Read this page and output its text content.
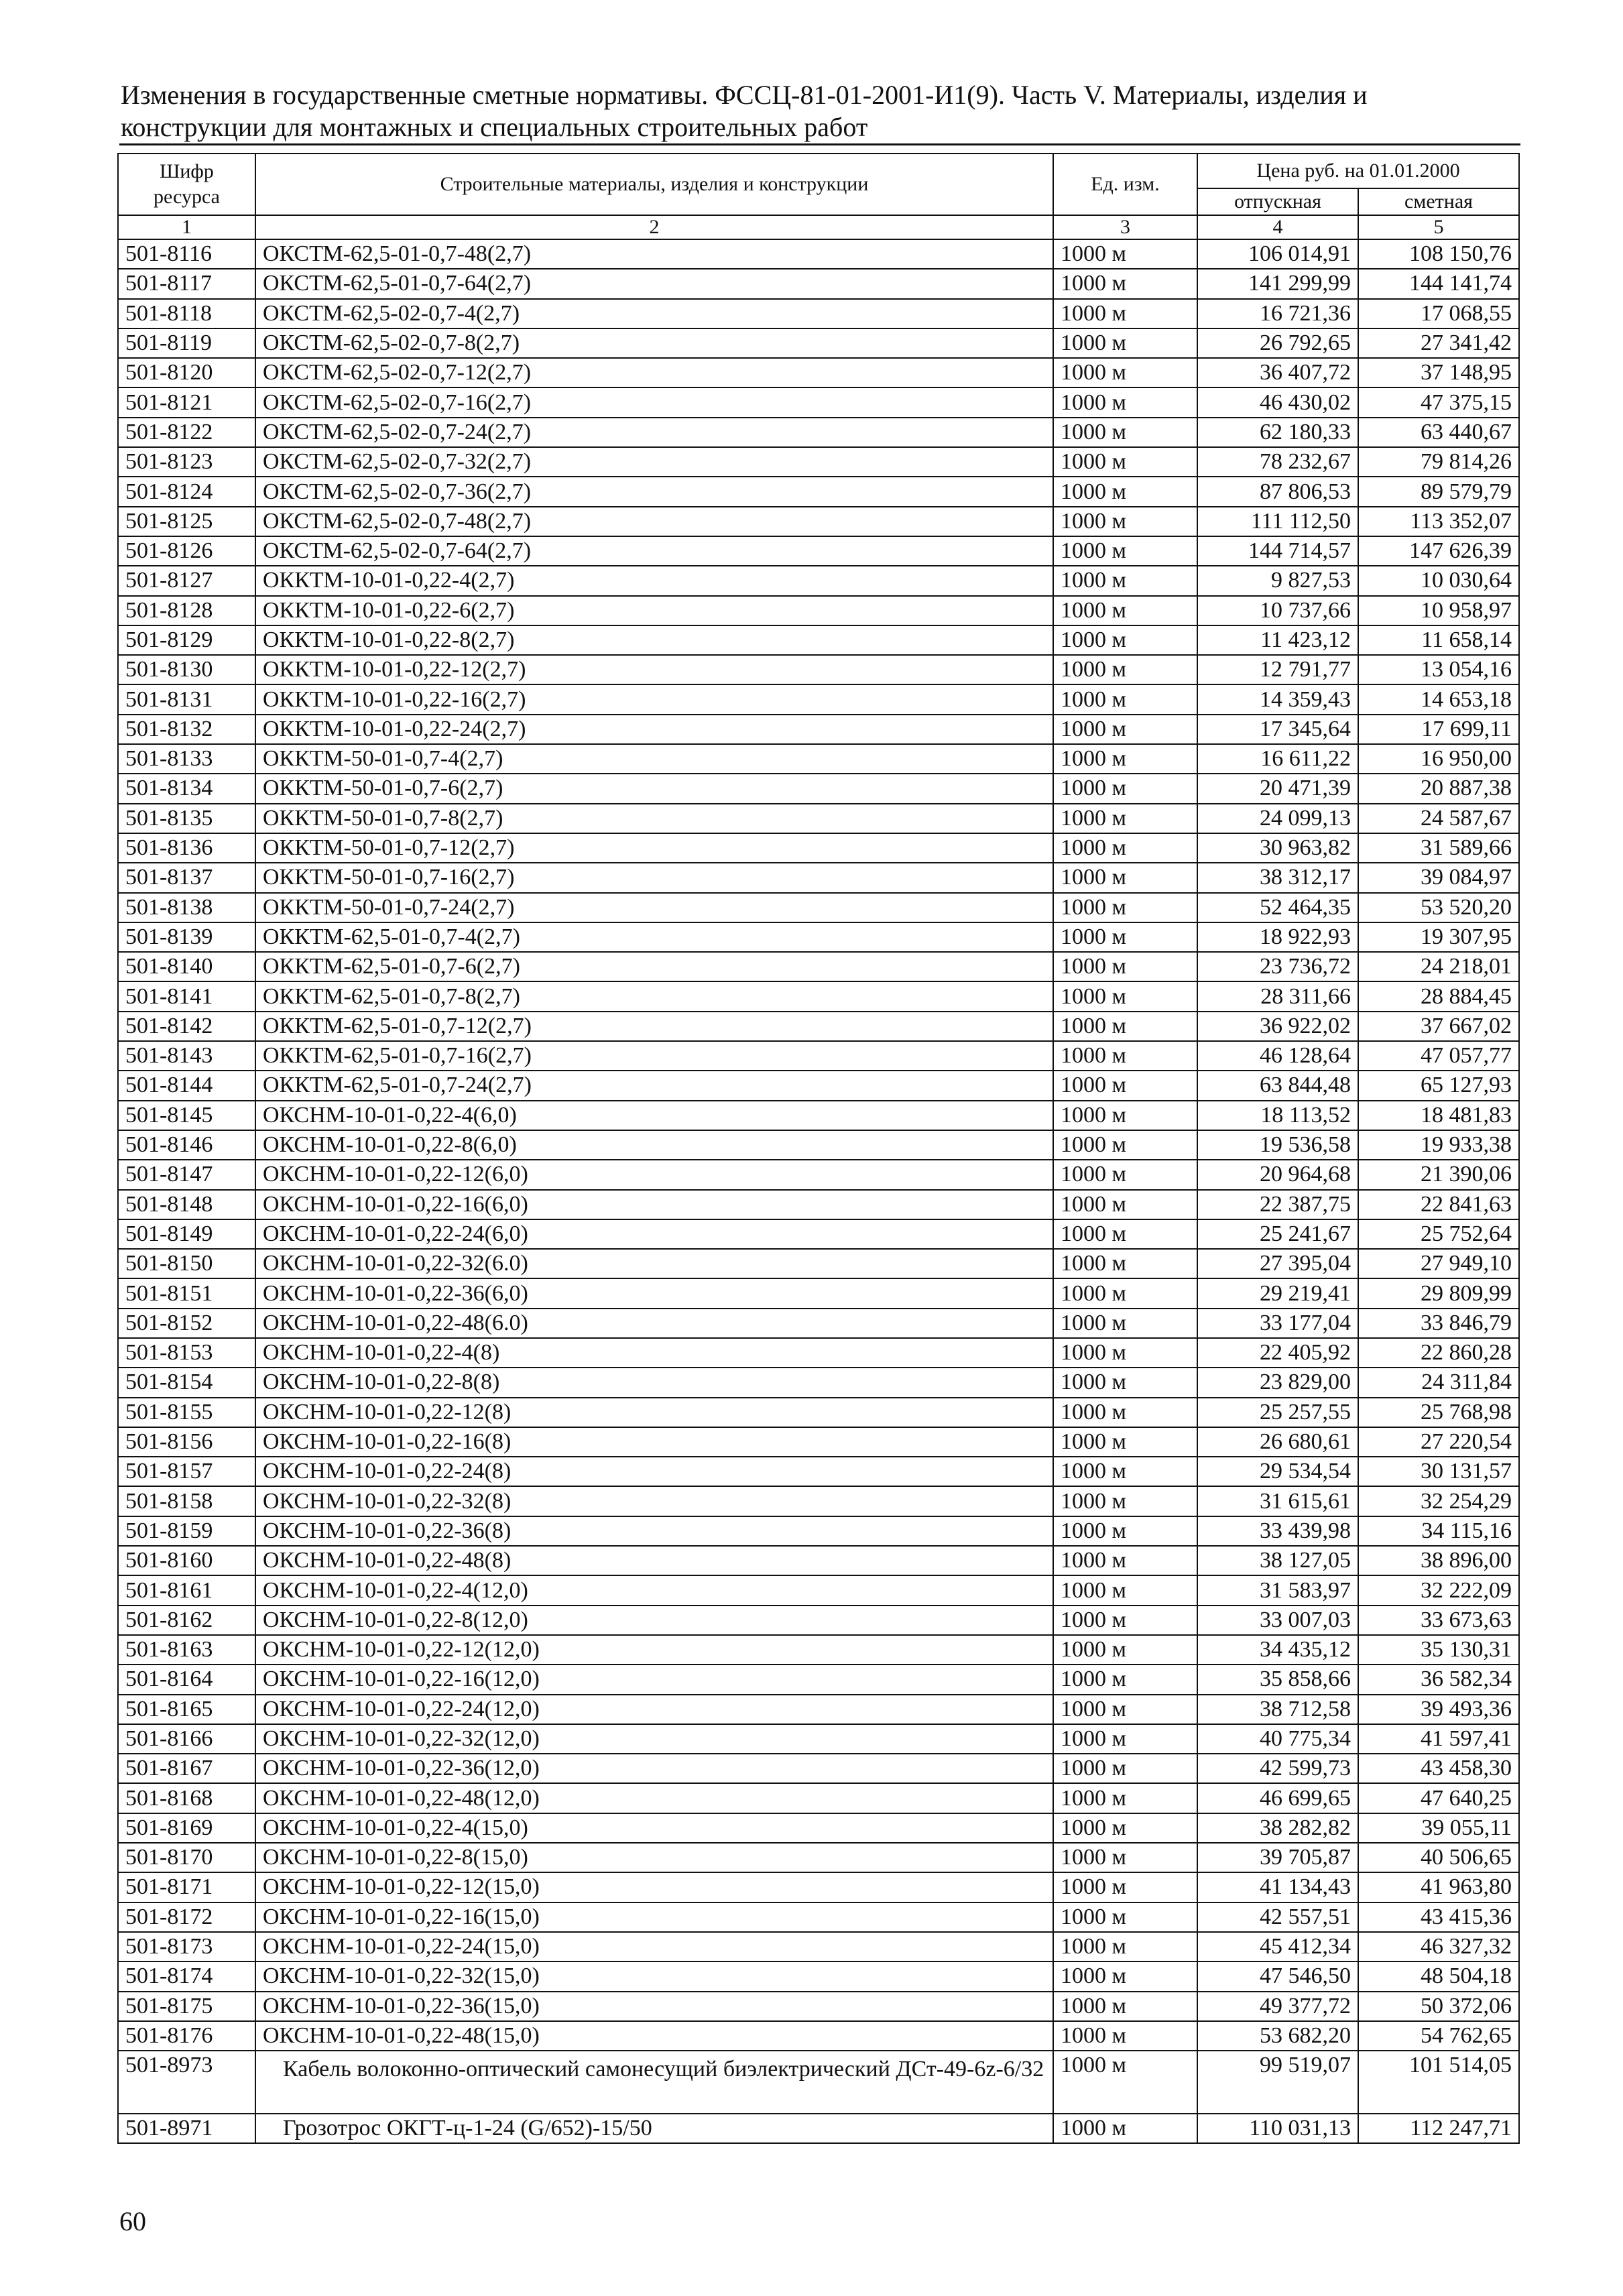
Изменения в государственные сметные нормативы. ФССЦ-81-01-2001-И1(9). Часть V. Материалы, изделия и
конструкции для монтажных и специальных строительных работ
Шифр ресурса	Строительные материалы, изделия и конструкции	Ед. изм.	Цена руб. на 01.01.2000	
			отпускная	сметная
1	2	3	4	5
501-8116	ОКСТМ-62,5-01-0,7-48(2,7)	1000 м	106 014,91	108 150,76
501-8117	ОКСТМ-62,5-01-0,7-64(2,7)	1000 м	141 299,99	144 141,74
501-8118	ОКСТМ-62,5-02-0,7-4(2,7)	1000 м	16 721,36	17 068,55
501-8119	ОКСТМ-62,5-02-0,7-8(2,7)	1000 м	26 792,65	27 341,42
501-8120	ОКСТМ-62,5-02-0,7-12(2,7)	1000 м	36 407,72	37 148,95
501-8121	ОКСТМ-62,5-02-0,7-16(2,7)	1000 м	46 430,02	47 375,15
501-8122	ОКСТМ-62,5-02-0,7-24(2,7)	1000 м	62 180,33	63 440,67
501-8123	ОКСТМ-62,5-02-0,7-32(2,7)	1000 м	78 232,67	79 814,26
501-8124	ОКСТМ-62,5-02-0,7-36(2,7)	1000 м	87 806,53	89 579,79
501-8125	ОКСТМ-62,5-02-0,7-48(2,7)	1000 м	111 112,50	113 352,07
501-8126	ОКСТМ-62,5-02-0,7-64(2,7)	1000 м	144 714,57	147 626,39
501-8127	ОККТМ-10-01-0,22-4(2,7)	1000 м	9 827,53	10 030,64
501-8128	ОККТМ-10-01-0,22-6(2,7)	1000 м	10 737,66	10 958,97
501-8129	ОККТМ-10-01-0,22-8(2,7)	1000 м	11 423,12	11 658,14
501-8130	ОККТМ-10-01-0,22-12(2,7)	1000 м	12 791,77	13 054,16
501-8131	ОККТМ-10-01-0,22-16(2,7)	1000 м	14 359,43	14 653,18
501-8132	ОККТМ-10-01-0,22-24(2,7)	1000 м	17 345,64	17 699,11
501-8133	ОККТМ-50-01-0,7-4(2,7)	1000 м	16 611,22	16 950,00
501-8134	ОККТМ-50-01-0,7-6(2,7)	1000 м	20 471,39	20 887,38
501-8135	ОККТМ-50-01-0,7-8(2,7)	1000 м	24 099,13	24 587,67
501-8136	ОККТМ-50-01-0,7-12(2,7)	1000 м	30 963,82	31 589,66
501-8137	ОККТМ-50-01-0,7-16(2,7)	1000 м	38 312,17	39 084,97
501-8138	ОККТМ-50-01-0,7-24(2,7)	1000 м	52 464,35	53 520,20
501-8139	ОККТМ-62,5-01-0,7-4(2,7)	1000 м	18 922,93	19 307,95
501-8140	ОККТМ-62,5-01-0,7-6(2,7)	1000 м	23 736,72	24 218,01
501-8141	ОККТМ-62,5-01-0,7-8(2,7)	1000 м	28 311,66	28 884,45
501-8142	ОККТМ-62,5-01-0,7-12(2,7)	1000 м	36 922,02	37 667,02
501-8143	ОККТМ-62,5-01-0,7-16(2,7)	1000 м	46 128,64	47 057,77
501-8144	ОККТМ-62,5-01-0,7-24(2,7)	1000 м	63 844,48	65 127,93
501-8145	ОКСНМ-10-01-0,22-4(6,0)	1000 м	18 113,52	18 481,83
501-8146	ОКСНМ-10-01-0,22-8(6,0)	1000 м	19 536,58	19 933,38
501-8147	ОКСНМ-10-01-0,22-12(6,0)	1000 м	20 964,68	21 390,06
501-8148	ОКСНМ-10-01-0,22-16(6,0)	1000 м	22 387,75	22 841,63
501-8149	ОКСНМ-10-01-0,22-24(6,0)	1000 м	25 241,67	25 752,64
501-8150	ОКСНМ-10-01-0,22-32(6.0)	1000 м	27 395,04	27 949,10
501-8151	ОКСНМ-10-01-0,22-36(6,0)	1000 м	29 219,41	29 809,99
501-8152	ОКСНМ-10-01-0,22-48(6.0)	1000 м	33 177,04	33 846,79
501-8153	ОКСНМ-10-01-0,22-4(8)	1000 м	22 405,92	22 860,28
501-8154	ОКСНМ-10-01-0,22-8(8)	1000 м	23 829,00	24 311,84
501-8155	ОКСНМ-10-01-0,22-12(8)	1000 м	25 257,55	25 768,98
501-8156	ОКСНМ-10-01-0,22-16(8)	1000 м	26 680,61	27 220,54
501-8157	ОКСНМ-10-01-0,22-24(8)	1000 м	29 534,54	30 131,57
501-8158	ОКСНМ-10-01-0,22-32(8)	1000 м	31 615,61	32 254,29
501-8159	ОКСНМ-10-01-0,22-36(8)	1000 м	33 439,98	34 115,16
501-8160	ОКСНМ-10-01-0,22-48(8)	1000 м	38 127,05	38 896,00
501-8161	ОКСНМ-10-01-0,22-4(12,0)	1000 м	31 583,97	32 222,09
501-8162	ОКСНМ-10-01-0,22-8(12,0)	1000 м	33 007,03	33 673,63
501-8163	ОКСНМ-10-01-0,22-12(12,0)	1000 м	34 435,12	35 130,31
501-8164	ОКСНМ-10-01-0,22-16(12,0)	1000 м	35 858,66	36 582,34
501-8165	ОКСНМ-10-01-0,22-24(12,0)	1000 м	38 712,58	39 493,36
501-8166	ОКСНМ-10-01-0,22-32(12,0)	1000 м	40 775,34	41 597,41
501-8167	ОКСНМ-10-01-0,22-36(12,0)	1000 м	42 599,73	43 458,30
501-8168	ОКСНМ-10-01-0,22-48(12,0)	1000 м	46 699,65	47 640,25
501-8169	ОКСНМ-10-01-0,22-4(15,0)	1000 м	38 282,82	39 055,11
501-8170	ОКСНМ-10-01-0,22-8(15,0)	1000 м	39 705,87	40 506,65
501-8171	ОКСНМ-10-01-0,22-12(15,0)	1000 м	41 134,43	41 963,80
501-8172	ОКСНМ-10-01-0,22-16(15,0)	1000 м	42 557,51	43 415,36
501-8173	ОКСНМ-10-01-0,22-24(15,0)	1000 м	45 412,34	46 327,32
501-8174	ОКСНМ-10-01-0,22-32(15,0)	1000 м	47 546,50	48 504,18
501-8175	ОКСНМ-10-01-0,22-36(15,0)	1000 м	49 377,72	50 372,06
501-8176	ОКСНМ-10-01-0,22-48(15,0)	1000 м	53 682,20	54 762,65
501-8973	Кабель волоконно-оптический самонесущий биэлектрический ДСт-49-6z-6/32	1000 м	99 519,07	101 514,05
501-8971	Грозотрос ОКГТ-ц-1-24 (G/652)-15/50	1000 м	110 031,13	112 247,71
60
